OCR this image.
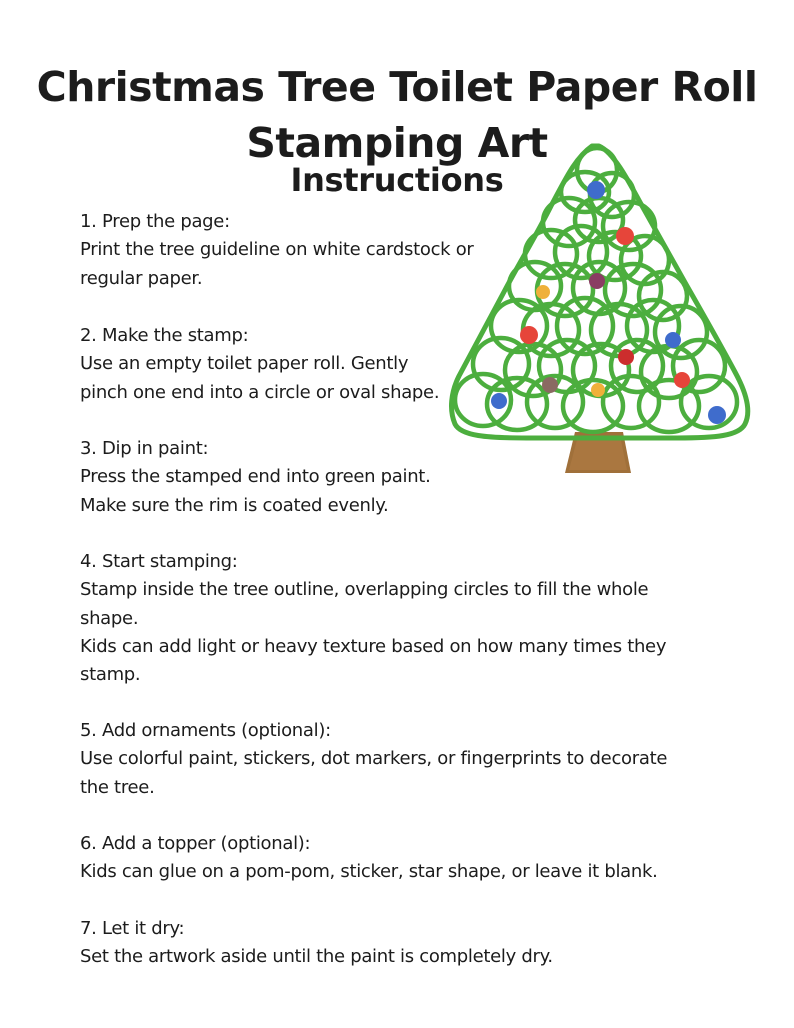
Christmas Tree Toilet Paper Roll
Stamping Art
Instructions
1. Prep the page:
Print the tree guideline on white cardstock or
regular paper.
2. Make the stamp:
Use an empty toilet paper roll. Gently
pinch one end into a circle or oval shape.
3. Dip in paint:
Press the stamped end into green paint.
Make sure the rim is coated evenly.
4. Start stamping:
Stamp inside the tree outline, overlapping circles to fill the whole
shape.
Kids can add light or heavy texture based on how many times they
stamp.
5. Add ornaments (optional):
Use colorful paint, stickers, dot markers, or fingerprints to decorate
the tree.
6. Add a topper (optional):
Kids can glue on a pom-pom, sticker, star shape, or leave it blank.
7. Let it dry:
Set the artwork aside until the paint is completely dry.
